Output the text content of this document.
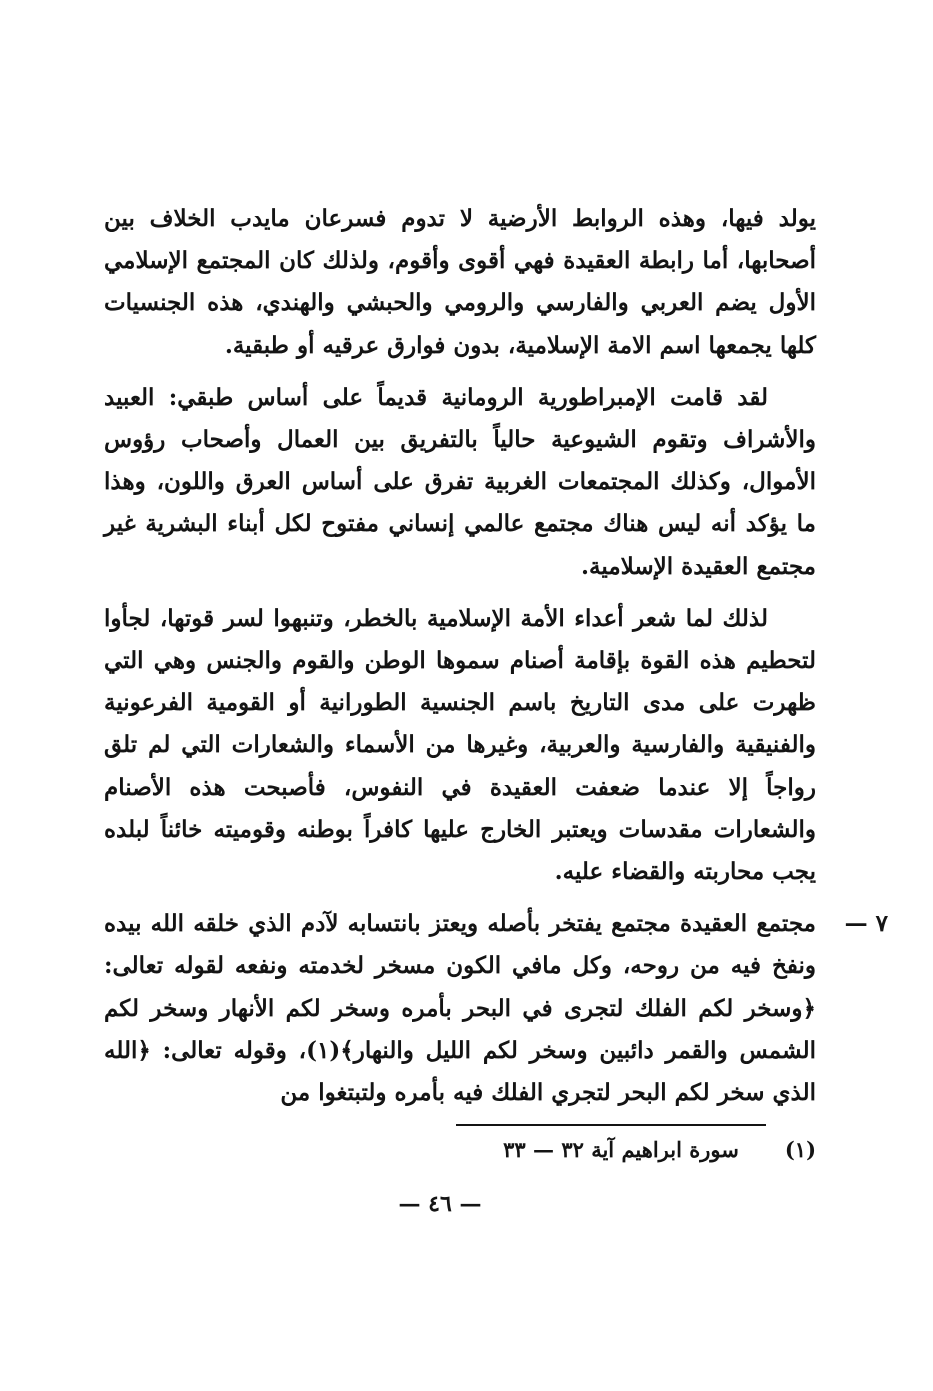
يولد فيها، وهذه الروابط الأرضية لا تدوم فسرعان مايدب الخلاف بين أصحابها، أما رابطة العقيدة فهي أقوى وأقوم، ولذلك كان المجتمع الإسلامي الأول يضم العربي والفارسي والرومي والحبشي والهندي، هذه الجنسيات كلها يجمعها اسم الامة الإسلامية، بدون فوارق عرقيه أو طبقية.

لقد قامت الإمبراطورية الرومانية قديماً على أساس طبقي: العبيد والأشراف وتقوم الشيوعية حالياً بالتفريق بين العمال وأصحاب رؤوس الأموال، وكذلك المجتمعات الغربية تفرق على أساس العرق واللون، وهذا ما يؤكد أنه ليس هناك مجتمع عالمي إنساني مفتوح لكل أبناء البشرية غير مجتمع العقيدة الإسلامية.

لذلك لما شعر أعداء الأمة الإسلامية بالخطر، وتنبهوا لسر قوتها، لجأوا لتحطيم هذه القوة بإقامة أصنام سموها الوطن والقوم والجنس وهي التي ظهرت على مدى التاريخ باسم الجنسية الطورانية أو القومية الفرعونية والفنيقية والفارسية والعربية، وغيرها من الأسماء والشعارات التي لم تلق رواجاً إلا عندما ضعفت العقيدة في النفوس، فأصبحت هذه الأصنام والشعارات مقدسات ويعتبر الخارج عليها كافراً بوطنه وقوميته خائناً لبلده يجب محاربته والقضاء عليه.

٧ —

مجتمع العقيدة مجتمع يفتخر بأصله ويعتز بانتسابه لآدم الذي خلقه الله بيده ونفخ فيه من روحه، وكل مافي الكون مسخر لخدمته ونفعه لقوله تعالى: ﴿وسخر لكم الفلك لتجرى في البحر بأمره وسخر لكم الأنهار وسخر لكم الشمس والقمر دائبين وسخر لكم الليل والنهار﴾(١)، وقوله تعالى: ﴿الله الذي سخر لكم البحر لتجري الفلك فيه بأمره ولتبتغوا من

(١)
سورة ابراهيم آية ٣٢ — ٣٣
— ٤٦ —
